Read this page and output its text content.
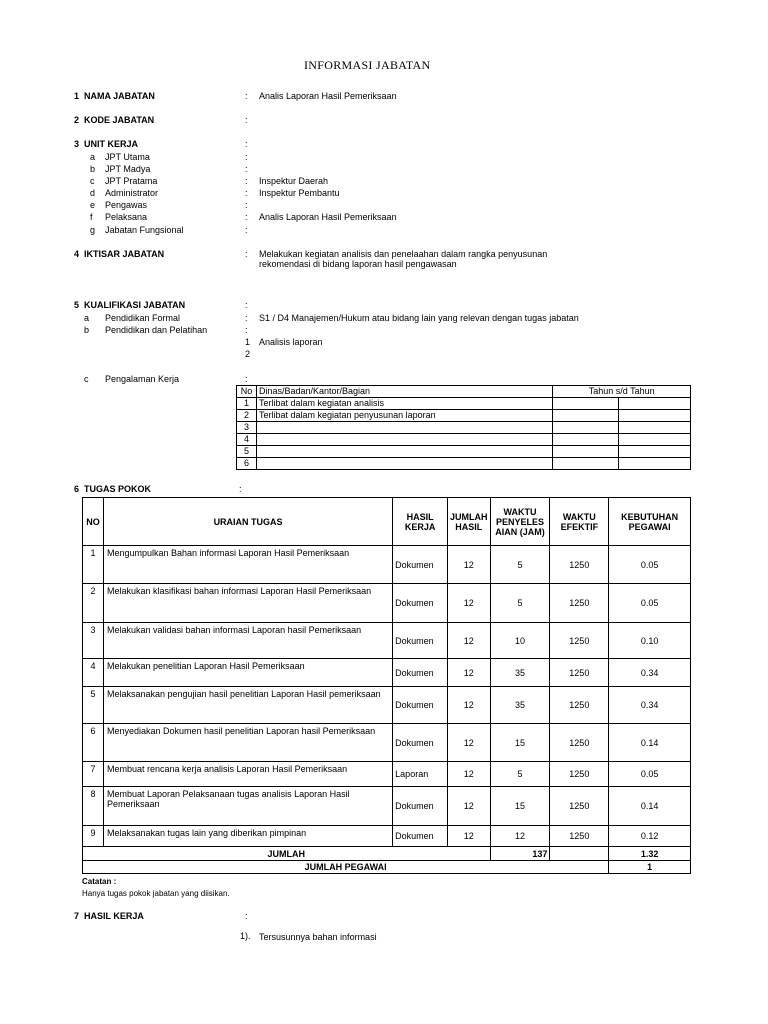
INFORMASI JABATAN
1 NAMA JABATAN	: Analis Laporan Hasil Pemeriksaan
2 KODE JABATAN	:
3 UNIT KERJA	:
a JPT Utama	:
b JPT Madya	:
c JPT Pratama	: Inspektur Daerah
d Administrator	: Inspektur Pembantu
e Pengawas	:
f Pelaksana	: Analis Laporan Hasil Pemeriksaan
g Jabatan Fungsional	:
4 IKTISAR JABATAN	: Melakukan kegiatan analisis dan penelaahan dalam rangka penyusunan
rekomendasi di bidang laporan hasil pengawasan
5 KUALIFIKASI JABATAN	:
a Pendidikan Formal	: S1 / D4 Manajemen/Hukum atau bidang lain yang relevan dengan tugas jabatan
b Pendidikan dan Pelatihan	:
1 Analisis laporan
2
c Pengalaman Kerja	:
No	Dinas/Badan/Kantor/Bagian	Tahun s/d Tahun	
1	Terlibat dalam kegiatan analisis		
2	Terlibat dalam kegiatan penyusunan laporan		
3			
4			
5			
6			
6 TUGAS POKOK	:
NO	URAIAN TUGAS	HASIL KERJA	JUMLAH HASIL	WAKTU PENYELES AIAN (JAM)	WAKTU EFEKTIF	KEBUTUHAN PEGAWAI
1	Mengumpulkan Bahan informasi Laporan Hasil Pemeriksaan	Dokumen	12	5	1250	0.05
2	Melakukan klasifikasi bahan informasi Laporan Hasil Pemeriksaan	Dokumen	12	5	1250	0.05
3	Melakukan validasi bahan informasi Laporan hasil Pemeriksaan	Dokumen	12	10	1250	0.10
4	Melakukan penelitian Laporan Hasil Pemeriksaan	Dokumen	12	35	1250	0.34
5	Melaksanakan pengujian hasil penelitian Laporan Hasil pemeriksaan	Dokumen	12	35	1250	0.34
6	Menyediakan Dokumen hasil penelitian Laporan hasil Pemeriksaan	Dokumen	12	15	1250	0.14
7	Membuat rencana kerja analisis Laporan Hasil Pemeriksaan	Laporan	12	5	1250	0.05
8	Membuat Laporan Pelaksanaan tugas analisis Laporan Hasil Pemeriksaan	Dokumen	12	15	1250	0.14
9	Melaksanakan tugas lain yang diberikan pimpinan	Dokumen	12	12	1250	0.12
JUMLAH				137		1.32
JUMLAH PEGAWAI						1
Catatan :
Hanya tugas pokok jabatan yang diisikan.
7 HASIL KERJA	:
1). Tersusunnya bahan informasi
